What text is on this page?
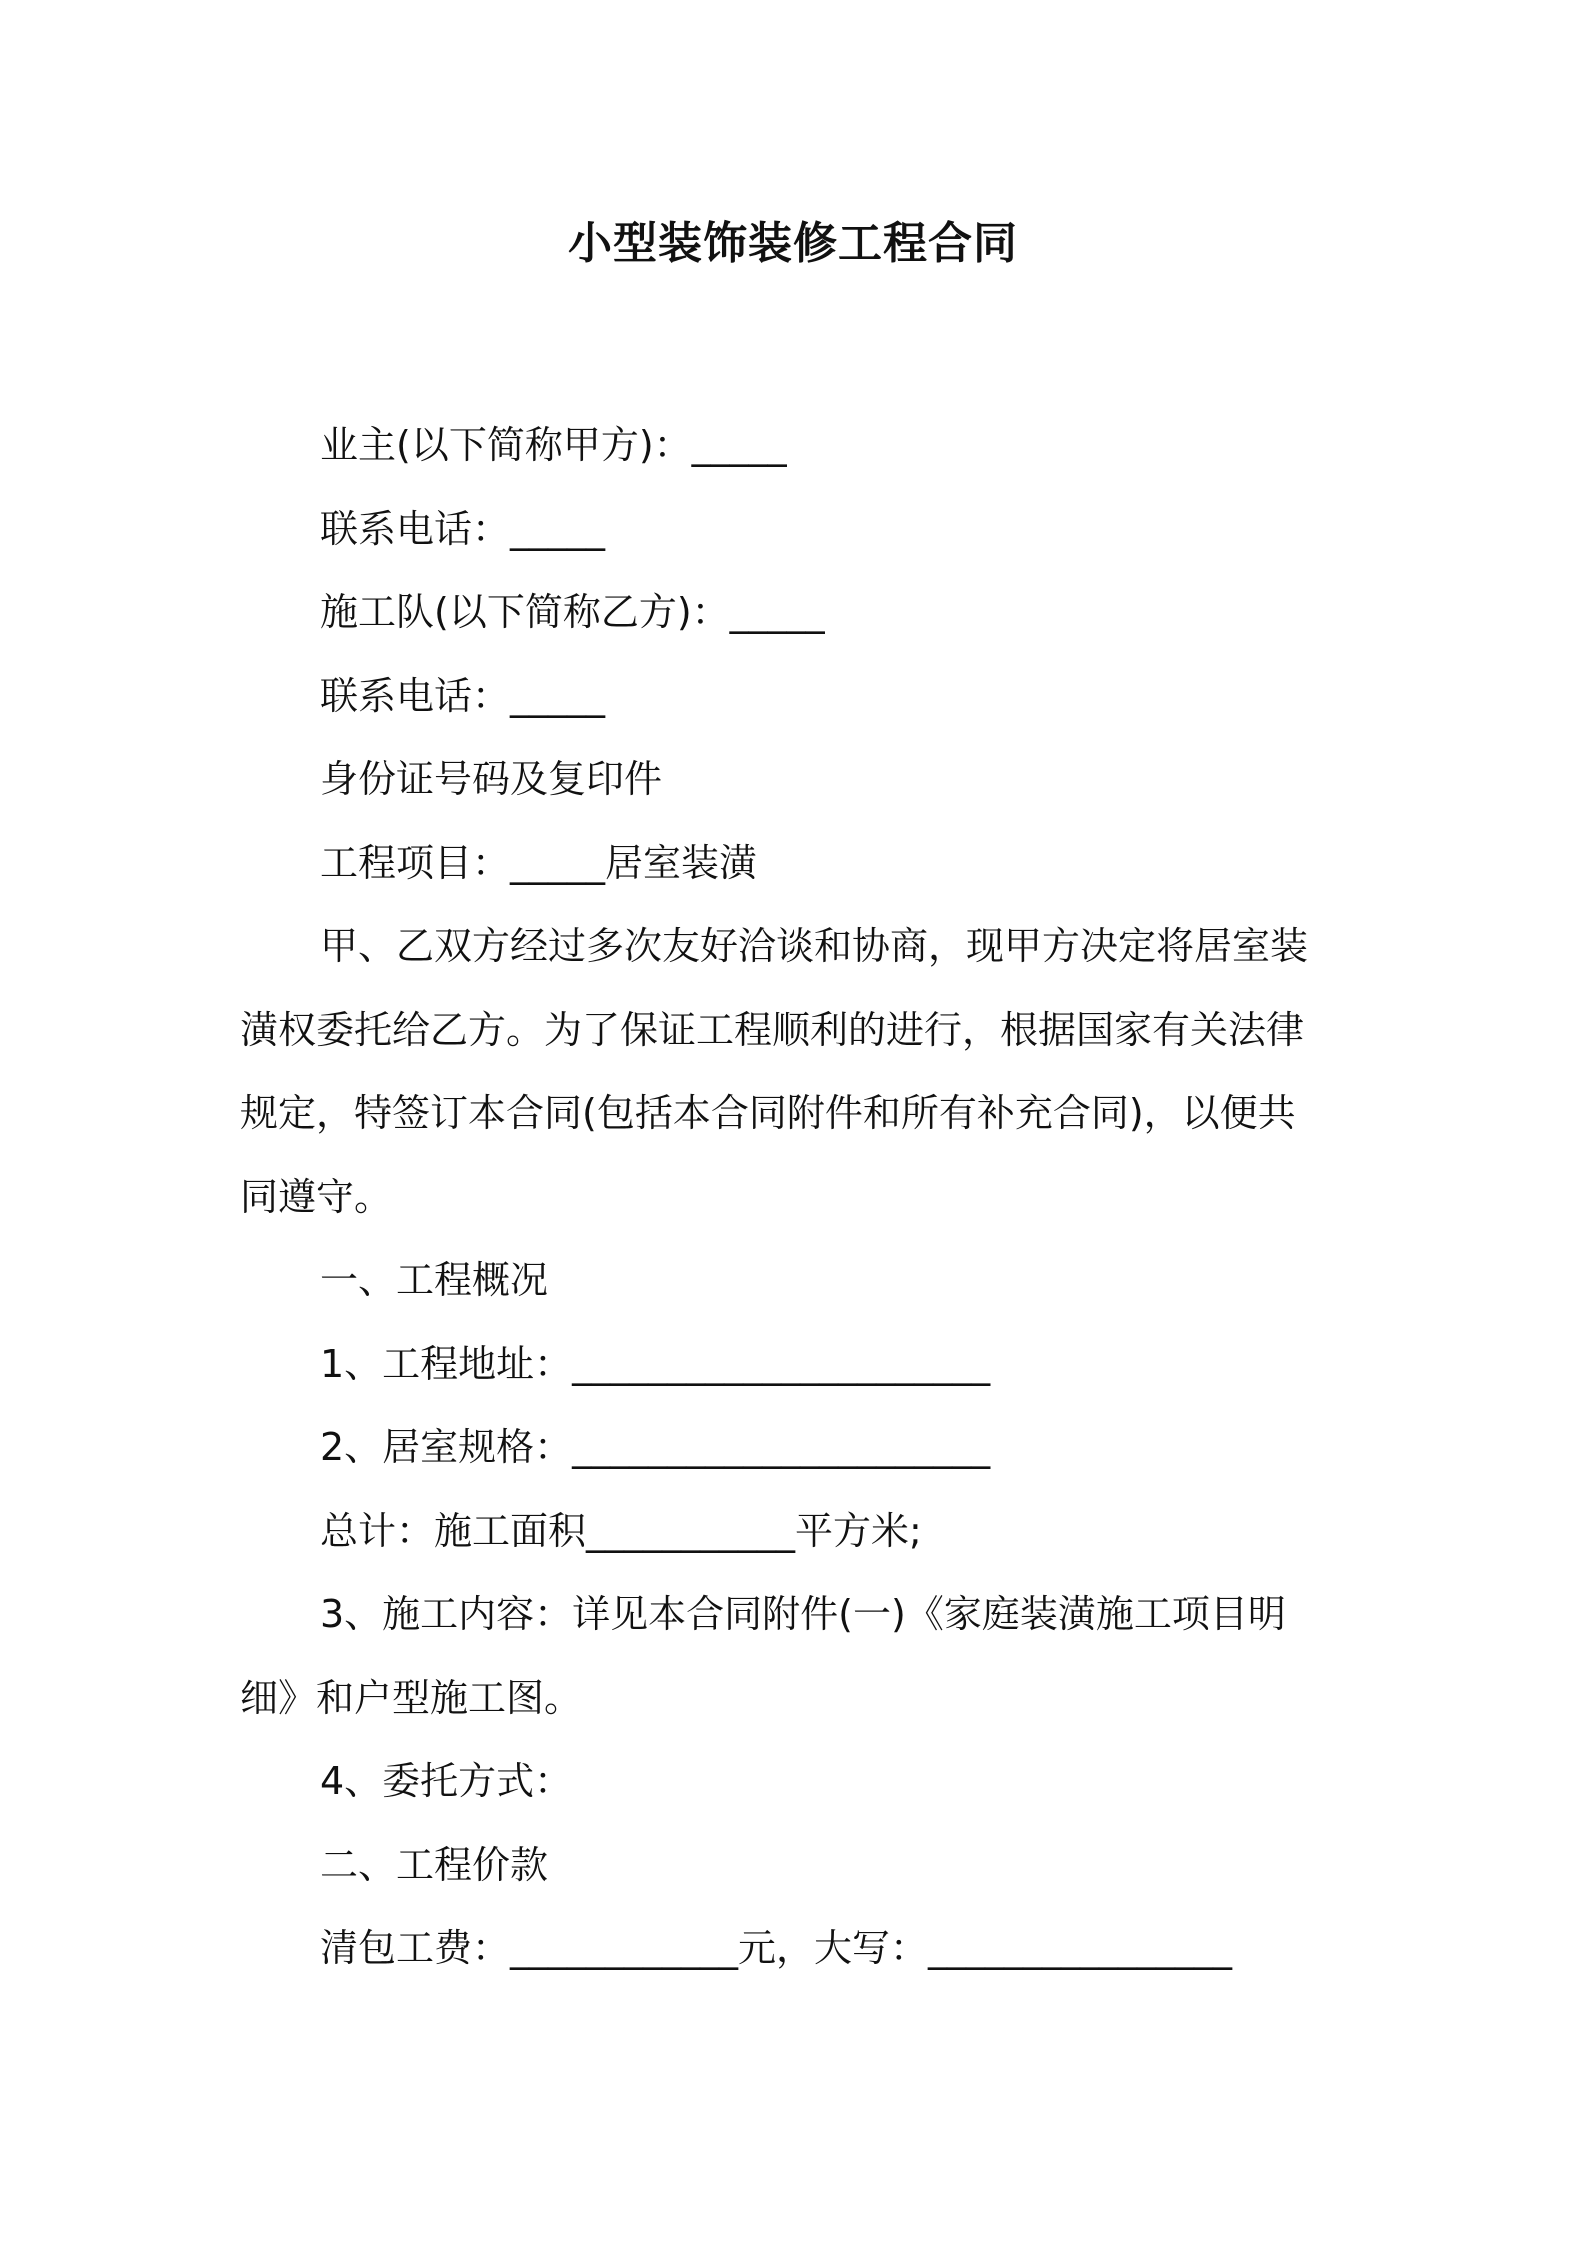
小型装饰装修工程合同

业主(以下简称甲方)：_____

联系电话：_____

施工队(以下简称乙方)：_____

联系电话：_____

身份证号码及复印件

工程项目：_____居室装潢

甲、乙双方经过多次友好洽谈和协商，现甲方决定将居室装

潢权委托给乙方。为了保证工程顺利的进行，根据国家有关法律

规定，特签订本合同(包括本合同附件和所有补充合同)，以便共

同遵守。

一、工程概况

1、工程地址：______________________

2、居室规格：______________________

总计：施工面积___________平方米;

3、施工内容：详见本合同附件(一)《家庭装潢施工项目明

细》和户型施工图。

4、委托方式：

二、工程价款

清包工费：____________元，大写：________________
